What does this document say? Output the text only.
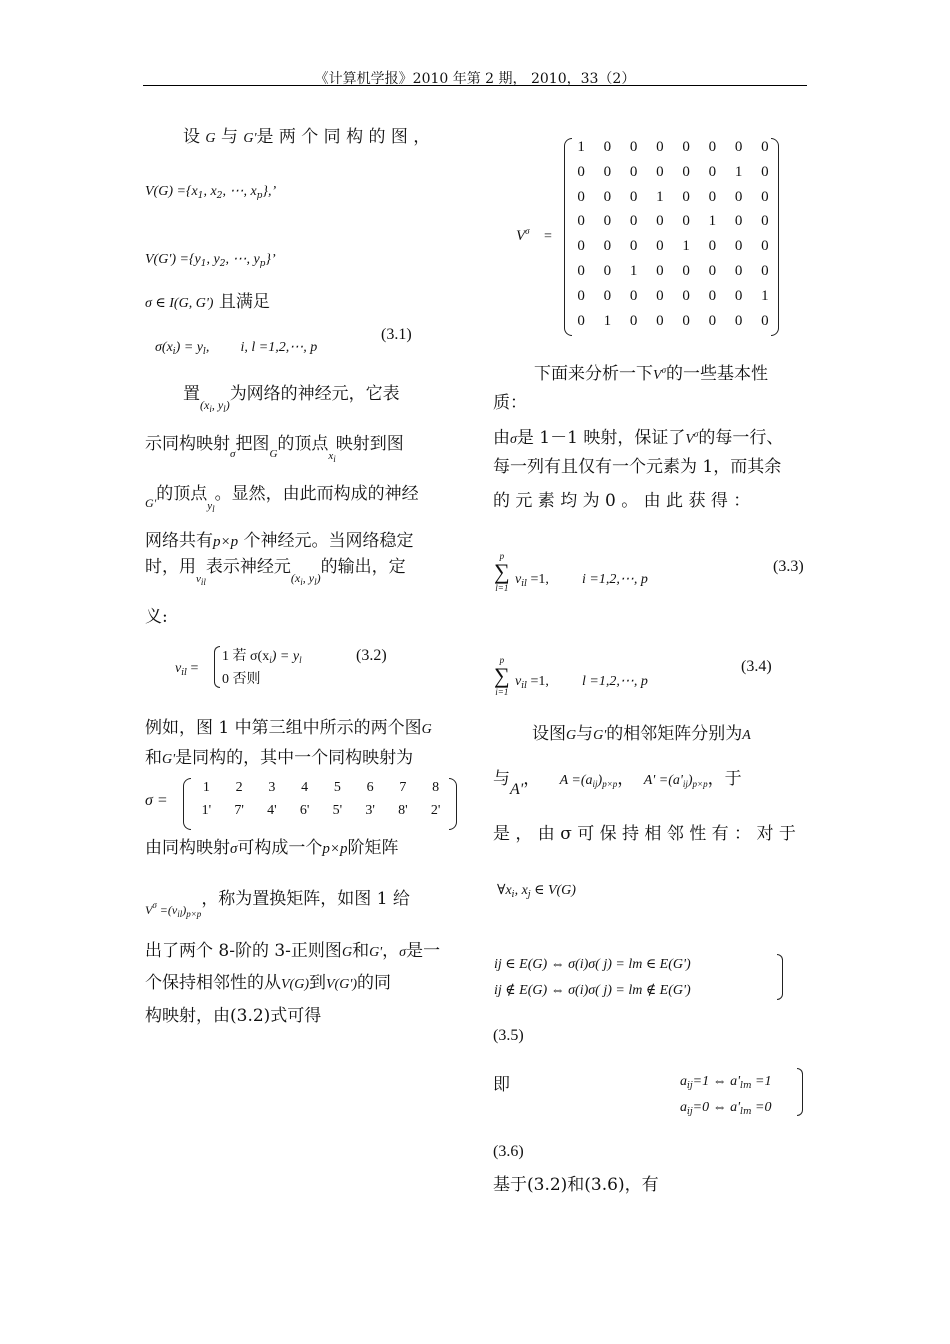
《计算机学报》2010 年第 2 期， 2010，33（2）
设 G 与 G'是 两 个 同 构 的 图 ，
$V(G) =\{x_1$, $x_2$, ⋯, $x_p$},’
$V(G') =\{y_1$, $y_2$, ⋯, $y_p$}’
σ ∈ I(G, G') 且满足
$\sigma(x_i) = y_l$, i, l =1,2,⋯, p
(3.1)
置$_{(x_i, y_l)}$为网络的神经元，它表
示同构映射$_\sigma$把图$_G$的顶点$_{x_i}$映射到图
$_{G'}$的顶点$_{y_l}$。显然，由此而构成的神经
网络共有p×p 个神经元。当网络稳定
时，用$_{v_{il}}$表示神经元$_{(x_i, y_l)}$的输出，定
义:
$v_{il}$ =
1 若 $\sigma(x_i) = y_l$
0 否则
(3.2)
例如，图 1 中第三组中所示的两个图G
和G'是同构的，其中一个同构映射为
σ =
1	2	3	4	5	6	7	8
1'	7'	4'	6'	5'	3'	8'	2'
由同构映射σ可构成一个p×p阶矩阵
$_{V^\sigma =(v_{il})_{p\times p}}$，称为置换矩阵，如图 1 给
出了两个 8-阶的 3-正则图G和G'，σ是一
个保持相邻性的从V(G)到V(G')的同
构映射，由(3.2)式可得
$V^\sigma$ =
1	0	0	0	0	0	0	0
0	0	0	0	0	0	1	0
0	0	0	1	0	0	0	0
0	0	0	0	0	1	0	0
0	0	0	0	1	0	0	0
0	0	1	0	0	0	0	0
0	0	0	0	0	0	0	1
0	1	0	0	0	0	0	0
下面来分析一下$V^\sigma$的一些基本性
质：
由σ是 1－1 映射，保证了$V^\sigma$的每一行、
每一列有且仅有一个元素为 1，而其余
的 元 素 均 为 0 。 由 此 获 得 ：
p
∑
l=1
$v_{il} =1$, i =1,2,⋯, p
(3.3)
p
∑
i=1
$v_{il} =1$, l =1,2,⋯, p
(3.4)
设图G与G'的相邻矩阵分别为A
与A'， $A =(a_{ij})_{p\times p}$， $A' =(a'_{ij})_{p\times p}$，于
是 ， 由 σ 可 保 持 相 邻 性 有 ： 对 于
$\forall x_i$, $x_j$ ∈ V(G)
ij ∈ E(G) ⇔ σ(i)σ( j) = lm ∈ E(G')
ij ∉ E(G) ⇔ σ(i)σ( j) = lm ∉ E(G')
(3.5)
即	$a_{ij}=1$ ⇔ $a'_{lm} =1$
$a_{ij}=0$ ⇔ $a'_{lm} =0$
(3.6)
基于(3.2)和(3.6)，有
